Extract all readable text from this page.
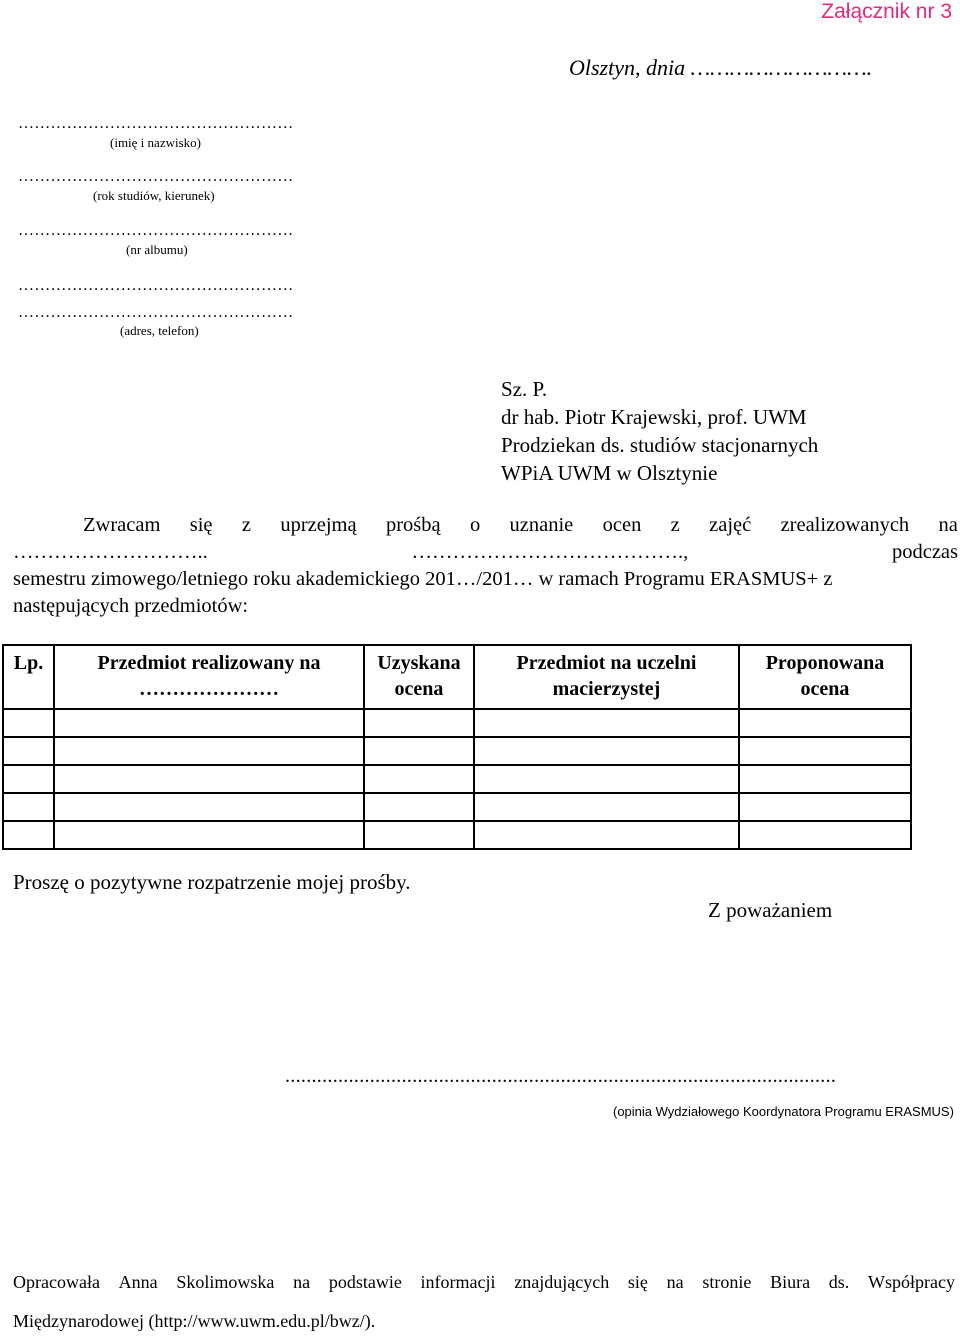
Załącznik nr 3
Olsztyn, dnia ……………………….
……………………………………………
(imię i nazwisko)
……………………………………………
(rok studiów, kierunek)
……………………………………………
(nr albumu)
……………………………………………
……………………………………………
(adres, telefon)
Sz. P.
dr hab. Piotr Krajewski, prof. UWM
Prodziekan ds. studiów stacjonarnych
WPiA UWM w Olsztynie
Zwracam się z uprzejmą prośbą o uznanie ocen z zajęć zrealizowanych na
………………………..	………………………………….,	podczas
semestru zimowego/letniego roku akademickiego 201…/201… w ramach Programu ERASMUS+ z
następujących przedmiotów:
Lp.	Przedmiot realizowany na …………………	Uzyskana ocena	Przedmiot na uczelni macierzystej	Proponowana ocena

Proszę o pozytywne rozpatrzenie mojej prośby.
Z poważaniem
........................................................................................................
(opinia Wydziałowego Koordynatora Programu ERASMUS)
Opracowała Anna Skolimowska na podstawie informacji znajdujących się na stronie Biura ds. Współpracy
Międzynarodowej (http://www.uwm.edu.pl/bwz/).
